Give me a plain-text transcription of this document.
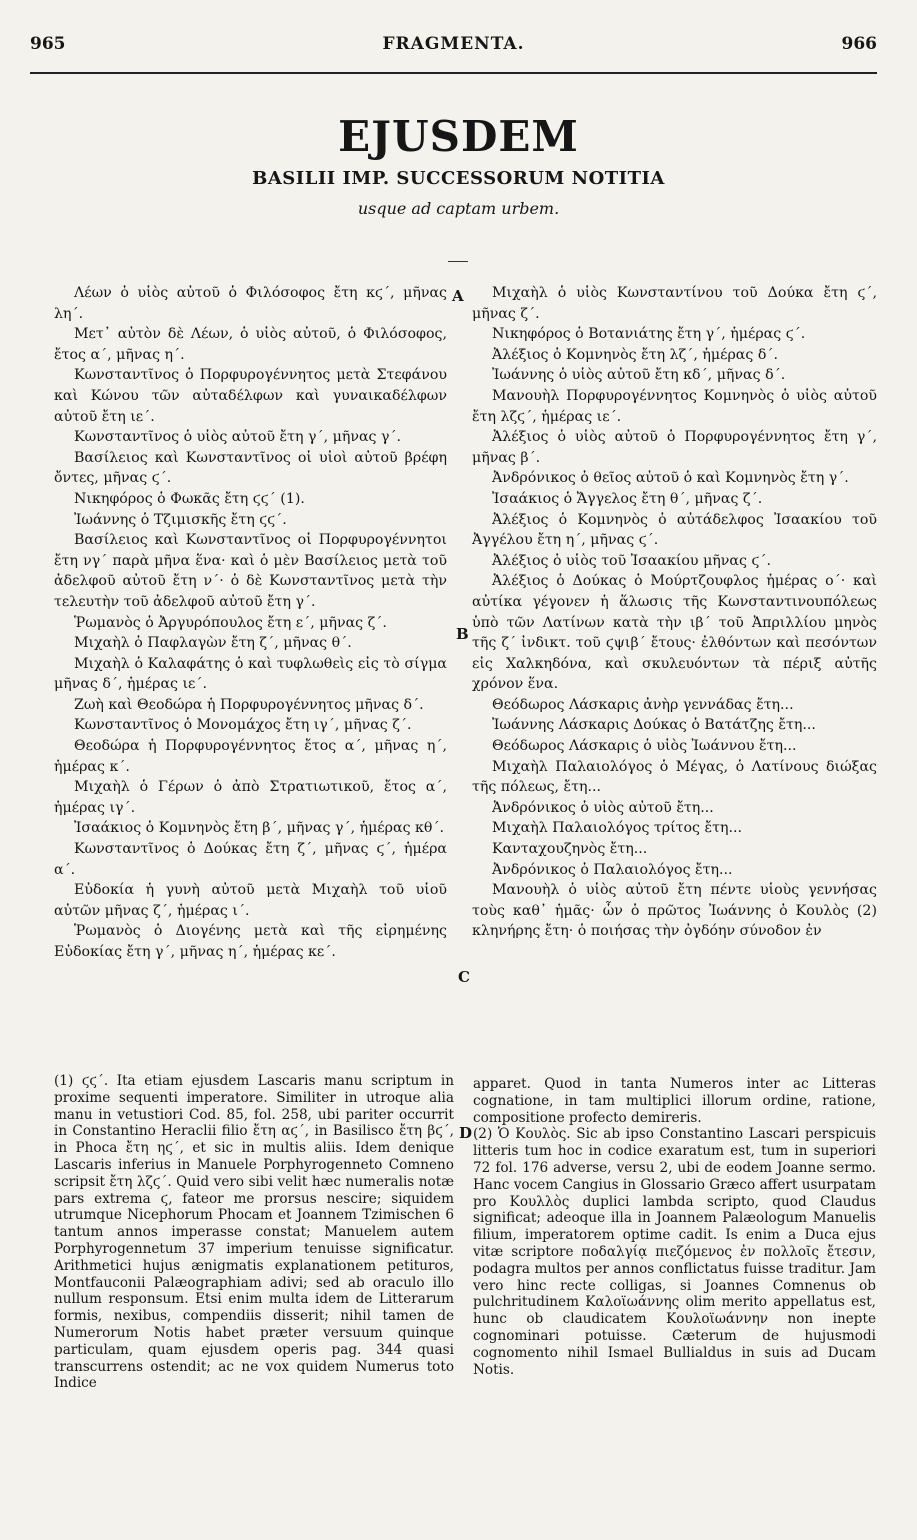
965	FRAGMENTA.	966
EJUSDEM
BASILII IMP. SUCCESSORUM NOTITIA
usque ad captam urbem.

Λέων ὁ υἱὸς αὐτοῦ ὁ Φιλόσοφος ἔτη κϛ΄, μῆνας λη΄.

Μετ᾽ αὐτὸν δὲ Λέων, ὁ υἱὸς αὐτοῦ, ὁ Φιλόσοφος, ἔτος α΄, μῆνας η΄.

Κωνσταντῖνος ὁ Πορφυρογέννητος μετὰ Στεφάνου καὶ Κώνου τῶν αὐταδέλφων καὶ γυναικαδέλφων αὐτοῦ ἔτη ιε΄.

Κωνσταντῖνος ὁ υἱὸς αὐτοῦ ἔτη γ΄, μῆνας γ΄.

Βασίλειος καὶ Κωνσταντῖνος οἱ υἱοὶ αὐτοῦ βρέφη ὄντες, μῆνας ϛ΄.

Νικηφόρος ὁ Φωκᾶς ἔτη ϛϛ΄ (1).

Ἰωάννης ὁ Τζιμισκῆς ἔτη ϛϛ΄.

Βασίλειος καὶ Κωνσταντῖνος οἱ Πορφυρογέννητοι ἔτη νγ΄ παρὰ μῆνα ἕνα· καὶ ὁ μὲν Βασίλειος μετὰ τοῦ ἀδελφοῦ αὐτοῦ ἔτη ν΄· ὁ δὲ Κωνσταντῖνος μετὰ τὴν τελευτὴν τοῦ ἀδελφοῦ αὐτοῦ ἔτη γ΄.

Ῥωμανὸς ὁ Ἀργυρόπουλος ἔτη ε΄, μῆνας ζ΄.

Μιχαὴλ ὁ Παφλαγὼν ἔτη ζ΄, μῆνας θ΄.

Μιχαὴλ ὁ Καλαφάτης ὁ καὶ τυφλωθεὶς εἰς τὸ σίγμα μῆνας δ΄, ἡμέρας ιε΄.

Ζωὴ καὶ Θεοδώρα ἡ Πορφυρογέννητος μῆνας δ΄.

Κωνσταντῖνος ὁ Μονομάχος ἔτη ιγ΄, μῆνας ζ΄.

Θεοδώρα ἡ Πορφυρογέννητος ἔτος α΄, μῆνας η΄, ἡμέρας κ΄.

Μιχαὴλ ὁ Γέρων ὁ ἀπὸ Στρατιωτικοῦ, ἔτος α΄, ἡμέρας ιγ΄.

Ἰσαάκιος ὁ Κομνηνὸς ἔτη β΄, μῆνας γ΄, ἡμέρας κθ΄.

Κωνσταντῖνος ὁ Δούκας ἔτη ζ΄, μῆνας ϛ΄, ἡμέρα α΄.

Εὐδοκία ἡ γυνὴ αὐτοῦ μετὰ Μιχαὴλ τοῦ υἱοῦ αὐτῶν μῆνας ζ΄, ἡμέρας ι΄.

Ῥωμανὸς ὁ Διογένης μετὰ καὶ τῆς εἰρημένης Εὐδοκίας ἔτη γ΄, μῆνας η΄, ἡμέρας κε΄.

Μιχαὴλ ὁ υἱὸς Κωνσταντίνου τοῦ Δούκα ἔτη ϛ΄, μῆνας ζ΄.

Νικηφόρος ὁ Βοτανιάτης ἔτη γ΄, ἡμέρας ϛ΄.

Ἀλέξιος ὁ Κομνηνὸς ἔτη λζ΄, ἡμέρας δ΄.

Ἰωάννης ὁ υἱὸς αὐτοῦ ἔτη κδ΄, μῆνας δ΄.

Μανουὴλ Πορφυρογέννητος Κομνηνὸς ὁ υἱὸς αὐτοῦ ἔτη λζϛ΄, ἡμέρας ιε΄.

Ἀλέξιος ὁ υἱὸς αὐτοῦ ὁ Πορφυρογέννητος ἔτη γ΄, μῆνας β΄.

Ἀνδρόνικος ὁ θεῖος αὐτοῦ ὁ καὶ Κομνηνὸς ἔτη γ΄.

Ἰσαάκιος ὁ Ἄγγελος ἔτη θ΄, μῆνας ζ΄.

Ἀλέξιος ὁ Κομνηνὸς ὁ αὐτάδελφος Ἰσαακίου τοῦ Ἀγγέλου ἔτη η΄, μῆνας ϛ΄.

Ἀλέξιος ὁ υἱὸς τοῦ Ἰσαακίου μῆνας ϛ΄.

Ἀλέξιος ὁ Δούκας ὁ Μούρτζουφλος ἡμέρας ο΄· καὶ αὐτίκα γέγονεν ἡ ἅλωσις τῆς Κωνσταντινουπόλεως ὑπὸ τῶν Λατίνων κατὰ τὴν ιβ΄ τοῦ Ἀπριλλίου μηνὸς τῆς ζ΄ ἰνδικτ. τοῦ ϛψιβ΄ ἔτους· ἐλθόντων καὶ πεσόντων εἰς Χαλκηδόνα, καὶ σκυλευόντων τὰ πέριξ αὐτῆς χρόνον ἕνα.

Θεόδωρος Λάσκαρις ἀνὴρ γεννάδας ἔτη...

Ἰωάννης Λάσκαρις Δούκας ὁ Βατάτζης ἔτη...

Θεόδωρος Λάσκαρις ὁ υἱὸς Ἰωάννου ἔτη...

Μιχαὴλ Παλαιολόγος ὁ Μέγας, ὁ Λατίνους διώξας τῆς πόλεως, ἔτη...

Ἀνδρόνικος ὁ υἱὸς αὐτοῦ ἔτη...

Μιχαὴλ Παλαιολόγος τρίτος ἔτη...

Κανταχουζηνὸς ἔτη...

Ἀνδρόνικος ὁ Παλαιολόγος ἔτη...

Μανουὴλ ὁ υἱὸς αὐτοῦ ἔτη πέντε υἱοὺς γεννήσας τοὺς καθ᾽ ἡμᾶς· ὧν ὁ πρῶτος Ἰωάννης ὁ Κουλὸς (2) κληνήρης ἔτη· ὁ ποιήσας τὴν ὀγδόην σύνοδον ἐν

A
B
C
D
(1) ϛϛ΄. Ita etiam ejusdem Lascaris manu scriptum in proxime sequenti imperatore. Similiter in utroque alia manu in vetustiori Cod. 85, fol. 258, ubi pariter occurrit in Constantino Heraclii filio ἔτη αϛ΄, in Basilisco ἔτη βϛ΄, in Phoca ἔτη ηϛ΄, et sic in multis aliis. Idem denique Lascaris inferius in Manuele Porphyrogenneto Comneno scripsit ἔτη λζϛ΄. Quid vero sibi velit hæc numeralis notæ pars extrema ϛ, fateor me prorsus nescire; siquidem utrumque Nicephorum Phocam et Joannem Tzimischen 6 tantum annos imperasse constat; Manuelem autem Porphyrogennetum 37 imperium tenuisse significatur. Arithmetici hujus ænigmatis explanationem petituros, Montfauconii Palæographiam adivi; sed ab oraculo illo nullum responsum. Etsi enim multa idem de Litterarum formis, nexibus, compendiis disserit; nihil tamen de Numerorum Notis habet præter versuum quinque particulam, quam ejusdem operis pag. 344 quasi transcurrens ostendit; ac ne vox quidem Numerus toto Indice

apparet. Quod in tanta Numeros inter ac Litteras cognatione, in tam multiplici illorum ordine, ratione, compositione profecto demireris.
(2) Ὁ Κουλὸς. Sic ab ipso Constantino Lascari perspicuis litteris tum hoc in codice exaratum est, tum in superiori 72 fol. 176 adverse, versu 2, ubi de eodem Joanne sermo. Hanc vocem Cangius in Glossario Græco affert usurpatam pro Κουλλὸς duplici lambda scripto, quod Claudus significat; adeoque illa in Joannem Palæologum Manuelis filium, imperatorem optime cadit. Is enim a Duca ejus vitæ scriptore ποδαλγίᾳ πιεζόμενος ἐν πολλοῖς ἔτεσιν, podagra multos per annos conflictatus fuisse traditur. Jam vero hinc recte colligas, si Joannes Comnenus ob pulchritudinem Καλοϊωάννης olim merito appellatus est, hunc ob claudicatem Κουλοϊωάννην non inepte cognominari potuisse. Cæterum de hujusmodi cognomento nihil Ismael Bullialdus in suis ad Ducam Notis.
